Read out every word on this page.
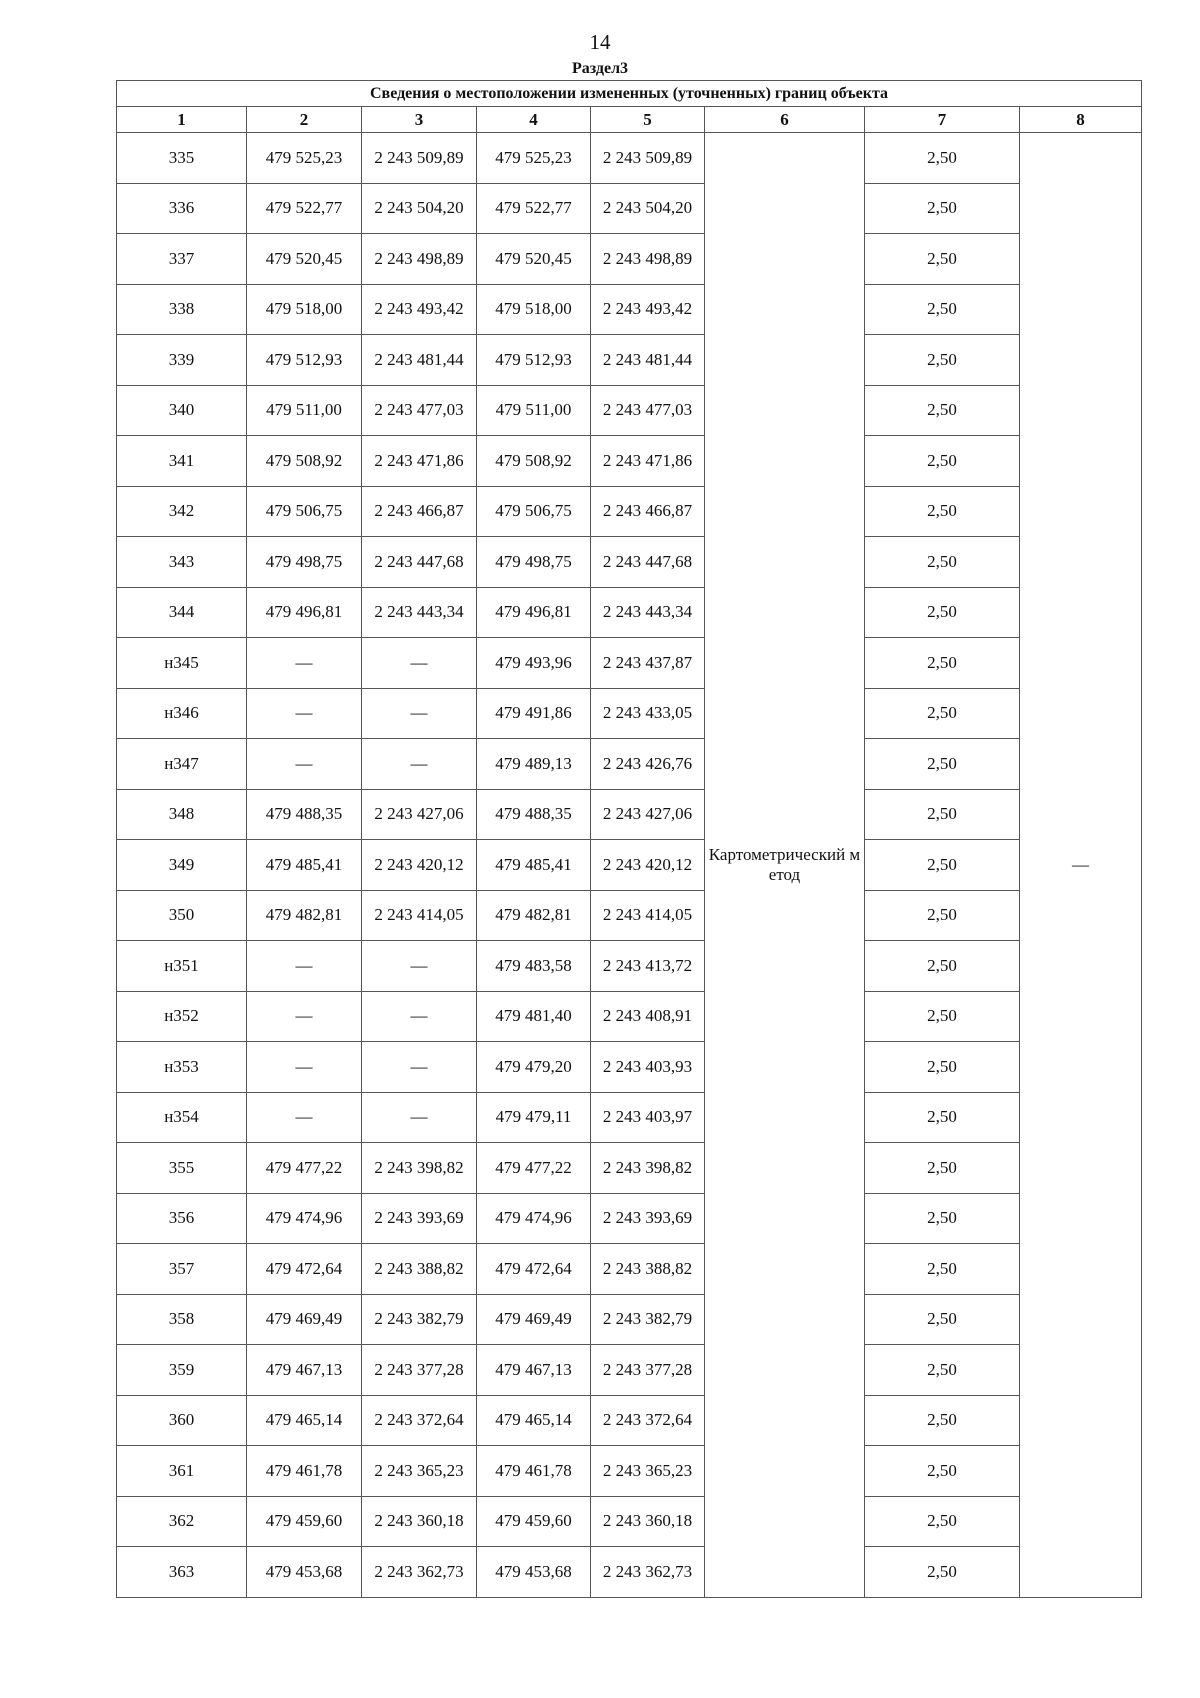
14
Раздел3
Сведения о местоположении измененных (уточненных) границ объекта							
1	2	3	4	5	6	7	8
335	479 525,23	2 243 509,89	479 525,23	2 243 509,89	Картометрический метод	2,50	—
336	479 522,77	2 243 504,20	479 522,77	2 243 504,20		2,50	
337	479 520,45	2 243 498,89	479 520,45	2 243 498,89		2,50	
338	479 518,00	2 243 493,42	479 518,00	2 243 493,42		2,50	
339	479 512,93	2 243 481,44	479 512,93	2 243 481,44		2,50	
340	479 511,00	2 243 477,03	479 511,00	2 243 477,03		2,50	
341	479 508,92	2 243 471,86	479 508,92	2 243 471,86		2,50	
342	479 506,75	2 243 466,87	479 506,75	2 243 466,87		2,50	
343	479 498,75	2 243 447,68	479 498,75	2 243 447,68		2,50	
344	479 496,81	2 243 443,34	479 496,81	2 243 443,34		2,50	
н345	—	—	479 493,96	2 243 437,87		2,50	
н346	—	—	479 491,86	2 243 433,05		2,50	
н347	—	—	479 489,13	2 243 426,76		2,50	
348	479 488,35	2 243 427,06	479 488,35	2 243 427,06		2,50	
349	479 485,41	2 243 420,12	479 485,41	2 243 420,12		2,50	
350	479 482,81	2 243 414,05	479 482,81	2 243 414,05		2,50	
н351	—	—	479 483,58	2 243 413,72		2,50	
н352	—	—	479 481,40	2 243 408,91		2,50	
н353	—	—	479 479,20	2 243 403,93		2,50	
н354	—	—	479 479,11	2 243 403,97		2,50	
355	479 477,22	2 243 398,82	479 477,22	2 243 398,82		2,50	
356	479 474,96	2 243 393,69	479 474,96	2 243 393,69		2,50	
357	479 472,64	2 243 388,82	479 472,64	2 243 388,82		2,50	
358	479 469,49	2 243 382,79	479 469,49	2 243 382,79		2,50	
359	479 467,13	2 243 377,28	479 467,13	2 243 377,28		2,50	
360	479 465,14	2 243 372,64	479 465,14	2 243 372,64		2,50	
361	479 461,78	2 243 365,23	479 461,78	2 243 365,23		2,50	
362	479 459,60	2 243 360,18	479 459,60	2 243 360,18		2,50	
363	479 453,68	2 243 362,73	479 453,68	2 243 362,73		2,50	
